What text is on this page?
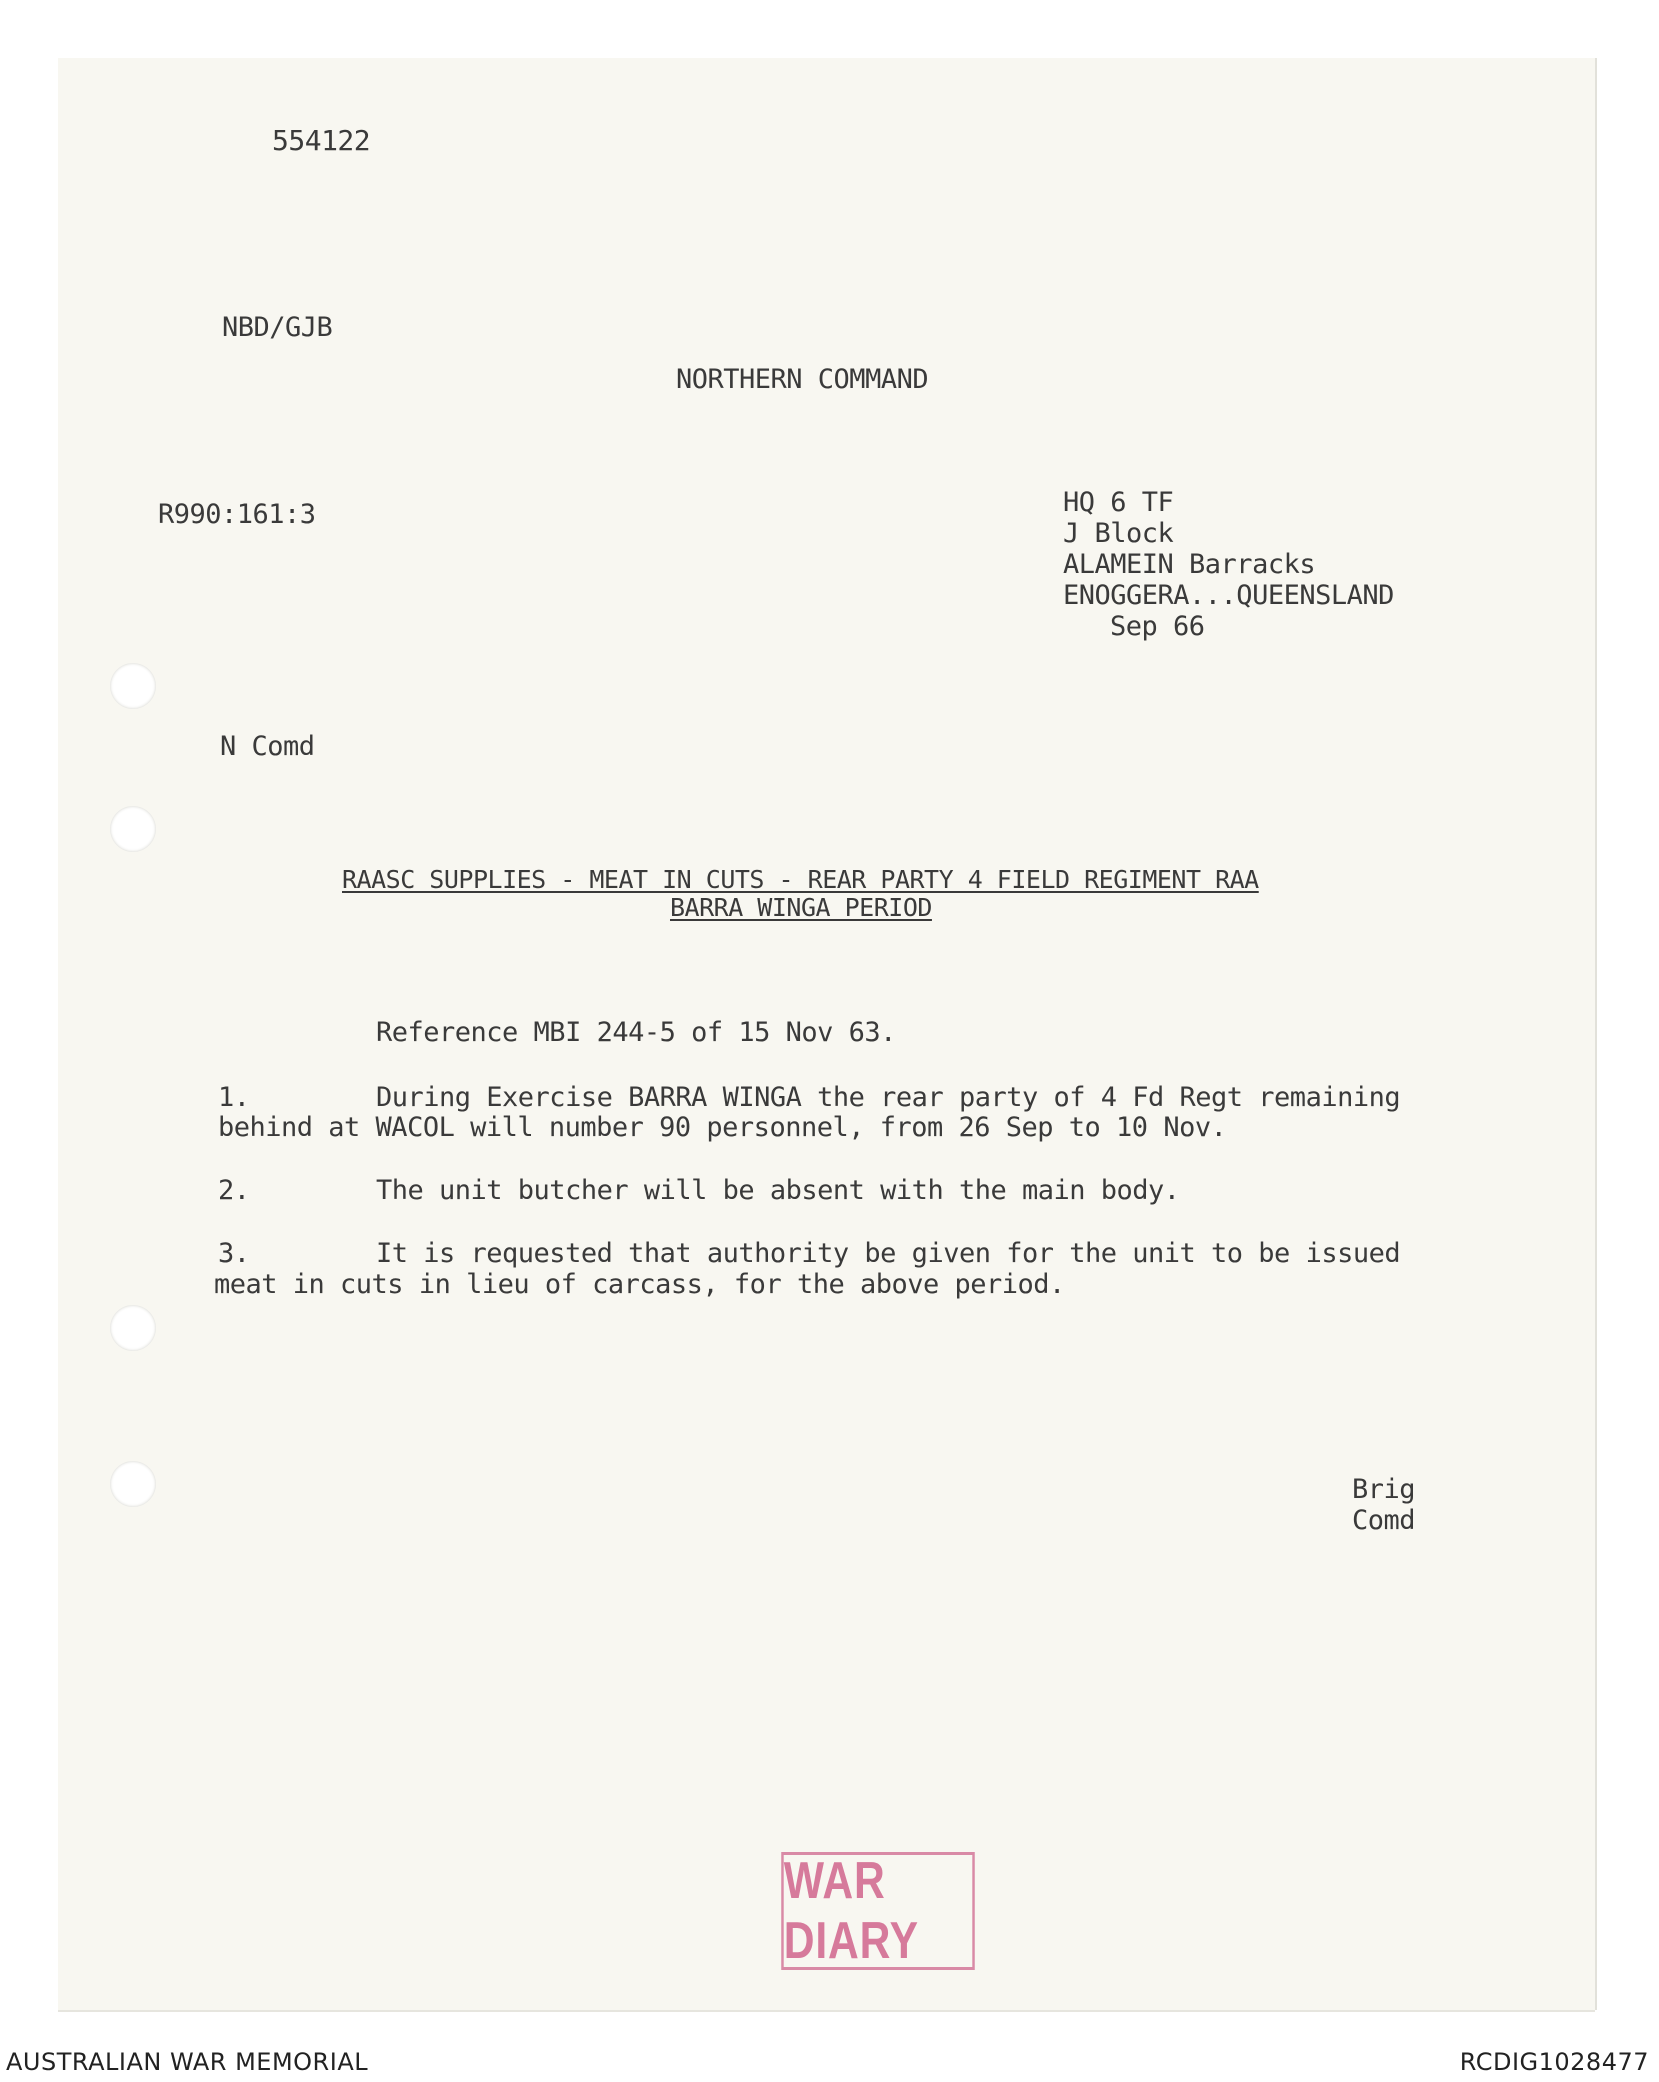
554122
NBD/GJB
NORTHERN COMMAND
R990:161:3	HQ 6 TF
J Block
ALAMEIN Barracks
ENOGGERA...QUEENSLAND
Sep 66
N Comd
RAASC SUPPLIES - MEAT IN CUTS - REAR PARTY 4 FIELD REGIMENT RAA
BARRA WINGA PERIOD
Reference MBI 244-5 of 15 Nov 63.
1.	During Exercise BARRA WINGA the rear party of 4 Fd Regt remaining
behind at WACOL will number 90 personnel, from 26 Sep to 10 Nov.
2.	The unit butcher will be absent with the main body.
3.	It is requested that authority be given for the unit to be issued
meat in cuts in lieu of carcass, for the above period.
Brig
Comd
WAR DIARY
AUSTRALIAN WAR MEMORIAL	RCDIG1028477
